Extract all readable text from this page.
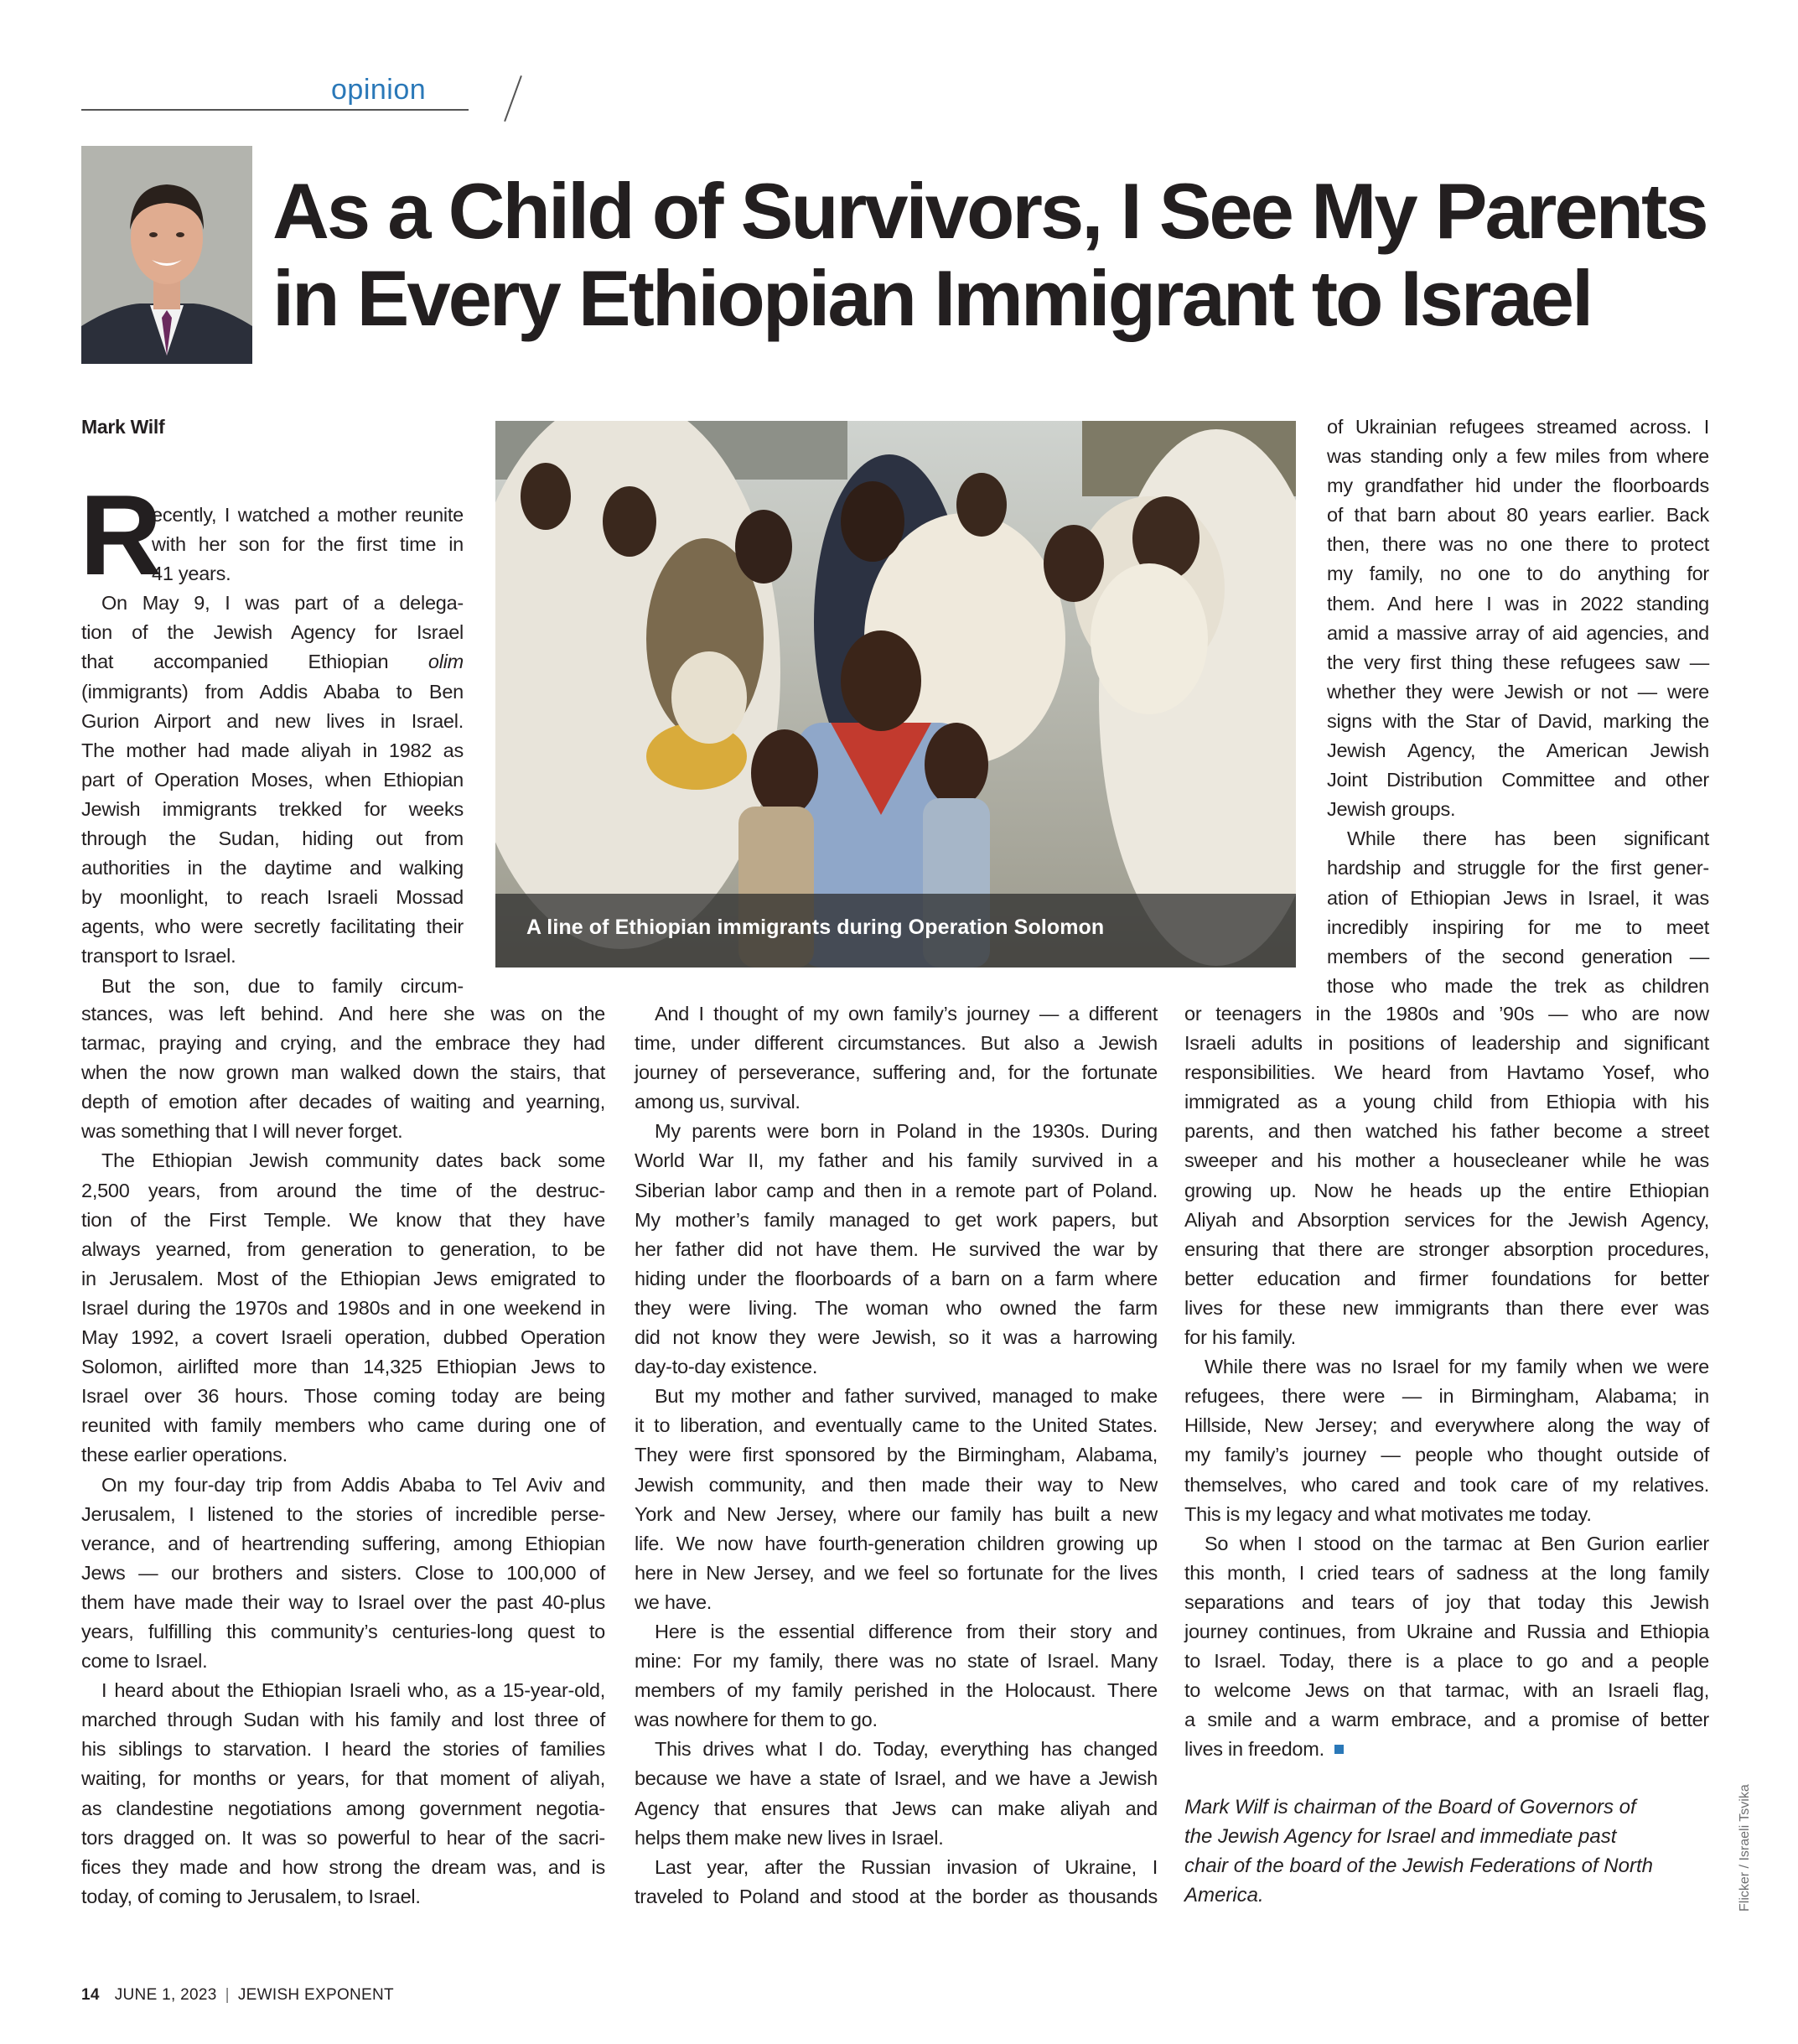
opinion
As a Child of Survivors, I See My Parents
in Every Ethiopian Immigrant to Israel
Mark Wilf
R
ecently, I watched a mother reunite
with her son for the first time in
41 years.
On May 9, I was part of a delega-
tion of the Jewish Agency for Israel
that accompanied Ethiopian olim
(immigrants) from Addis Ababa to Ben
Gurion Airport and new lives in Israel.
The mother had made aliyah in 1982 as
part of Operation Moses, when Ethiopian
Jewish immigrants trekked for weeks
through the Sudan, hiding out from
authorities in the daytime and walking
by moonlight, to reach Israeli Mossad
agents, who were secretly facilitating their
transport to Israel.
But the son, due to family circum-
A line of Ethiopian immigrants during Operation Solomon
stances, was left behind. And here she was on the
tarmac, praying and crying, and the embrace they had
when the now grown man walked down the stairs, that
depth of emotion after decades of waiting and yearning,
was something that I will never forget.
The Ethiopian Jewish community dates back some
2,500 years, from around the time of the destruc-
tion of the First Temple. We know that they have
always yearned, from generation to generation, to be
in Jerusalem. Most of the Ethiopian Jews emigrated to
Israel during the 1970s and 1980s and in one weekend in
May 1992, a covert Israeli operation, dubbed Operation
Solomon, airlifted more than 14,325 Ethiopian Jews to
Israel over 36 hours. Those coming today are being
reunited with family members who came during one of
these earlier operations.
On my four-day trip from Addis Ababa to Tel Aviv and
Jerusalem, I listened to the stories of incredible perse-
verance, and of heartrending suffering, among Ethiopian
Jews — our brothers and sisters. Close to 100,000 of
them have made their way to Israel over the past 40-plus
years, fulfilling this community’s centuries-long quest to
come to Israel.
I heard about the Ethiopian Israeli who, as a 15-year-old,
marched through Sudan with his family and lost three of
his siblings to starvation. I heard the stories of families
waiting, for months or years, for that moment of aliyah,
as clandestine negotiations among government negotia-
tors dragged on. It was so powerful to hear of the sacri-
fices they made and how strong the dream was, and is
today, of coming to Jerusalem, to Israel.
And I thought of my own family’s journey — a different
time, under different circumstances. But also a Jewish
journey of perseverance, suffering and, for the fortunate
among us, survival.
My parents were born in Poland in the 1930s. During
World War II, my father and his family survived in a
Siberian labor camp and then in a remote part of Poland.
My mother’s family managed to get work papers, but
her father did not have them. He survived the war by
hiding under the floorboards of a barn on a farm where
they were living. The woman who owned the farm
did not know they were Jewish, so it was a harrowing
day-to-day existence.
But my mother and father survived, managed to make
it to liberation, and eventually came to the United States.
They were first sponsored by the Birmingham, Alabama,
Jewish community, and then made their way to New
York and New Jersey, where our family has built a new
life. We now have fourth-generation children growing up
here in New Jersey, and we feel so fortunate for the lives
we have.
Here is the essential difference from their story and
mine: For my family, there was no state of Israel. Many
members of my family perished in the Holocaust. There
was nowhere for them to go.
This drives what I do. Today, everything has changed
because we have a state of Israel, and we have a Jewish
Agency that ensures that Jews can make aliyah and
helps them make new lives in Israel.
Last year, after the Russian invasion of Ukraine, I
traveled to Poland and stood at the border as thousands
of Ukrainian refugees streamed across. I
was standing only a few miles from where
my grandfather hid under the floorboards
of that barn about 80 years earlier. Back
then, there was no one there to protect
my family, no one to do anything for
them. And here I was in 2022 standing
amid a massive array of aid agencies, and
the very first thing these refugees saw —
whether they were Jewish or not — were
signs with the Star of David, marking the
Jewish Agency, the American Jewish
Joint Distribution Committee and other
Jewish groups.
While there has been significant
hardship and struggle for the first gener-
ation of Ethiopian Jews in Israel, it was
incredibly inspiring for me to meet
members of the second generation —
those who made the trek as children
or teenagers in the 1980s and ’90s — who are now
Israeli adults in positions of leadership and significant
responsibilities. We heard from Havtamo Yosef, who
immigrated as a young child from Ethiopia with his
parents, and then watched his father become a street
sweeper and his mother a housecleaner while he was
growing up. Now he heads up the entire Ethiopian
Aliyah and Absorption services for the Jewish Agency,
ensuring that there are stronger absorption procedures,
better education and firmer foundations for better
lives for these new immigrants than there ever was
for his family.
While there was no Israel for my family when we were
refugees, there were — in Birmingham, Alabama; in
Hillside, New Jersey; and everywhere along the way of
my family’s journey — people who thought outside of
themselves, who cared and took care of my relatives.
This is my legacy and what motivates me today.
So when I stood on the tarmac at Ben Gurion earlier
this month, I cried tears of sadness at the long family
separations and tears of joy that today this Jewish
journey continues, from Ukraine and Russia and Ethiopia
to Israel. Today, there is a place to go and a people
to welcome Jews on that tarmac, with an Israeli flag,
a smile and a warm embrace, and a promise of better
lives in freedom.
Mark Wilf is chairman of the Board of Governors of
the Jewish Agency for Israel and immediate past
chair of the board of the Jewish Federations of North
America.	Flicker / Israeli Tsvika
14 JUNE 1, 2023 | JEWISH EXPONENT
